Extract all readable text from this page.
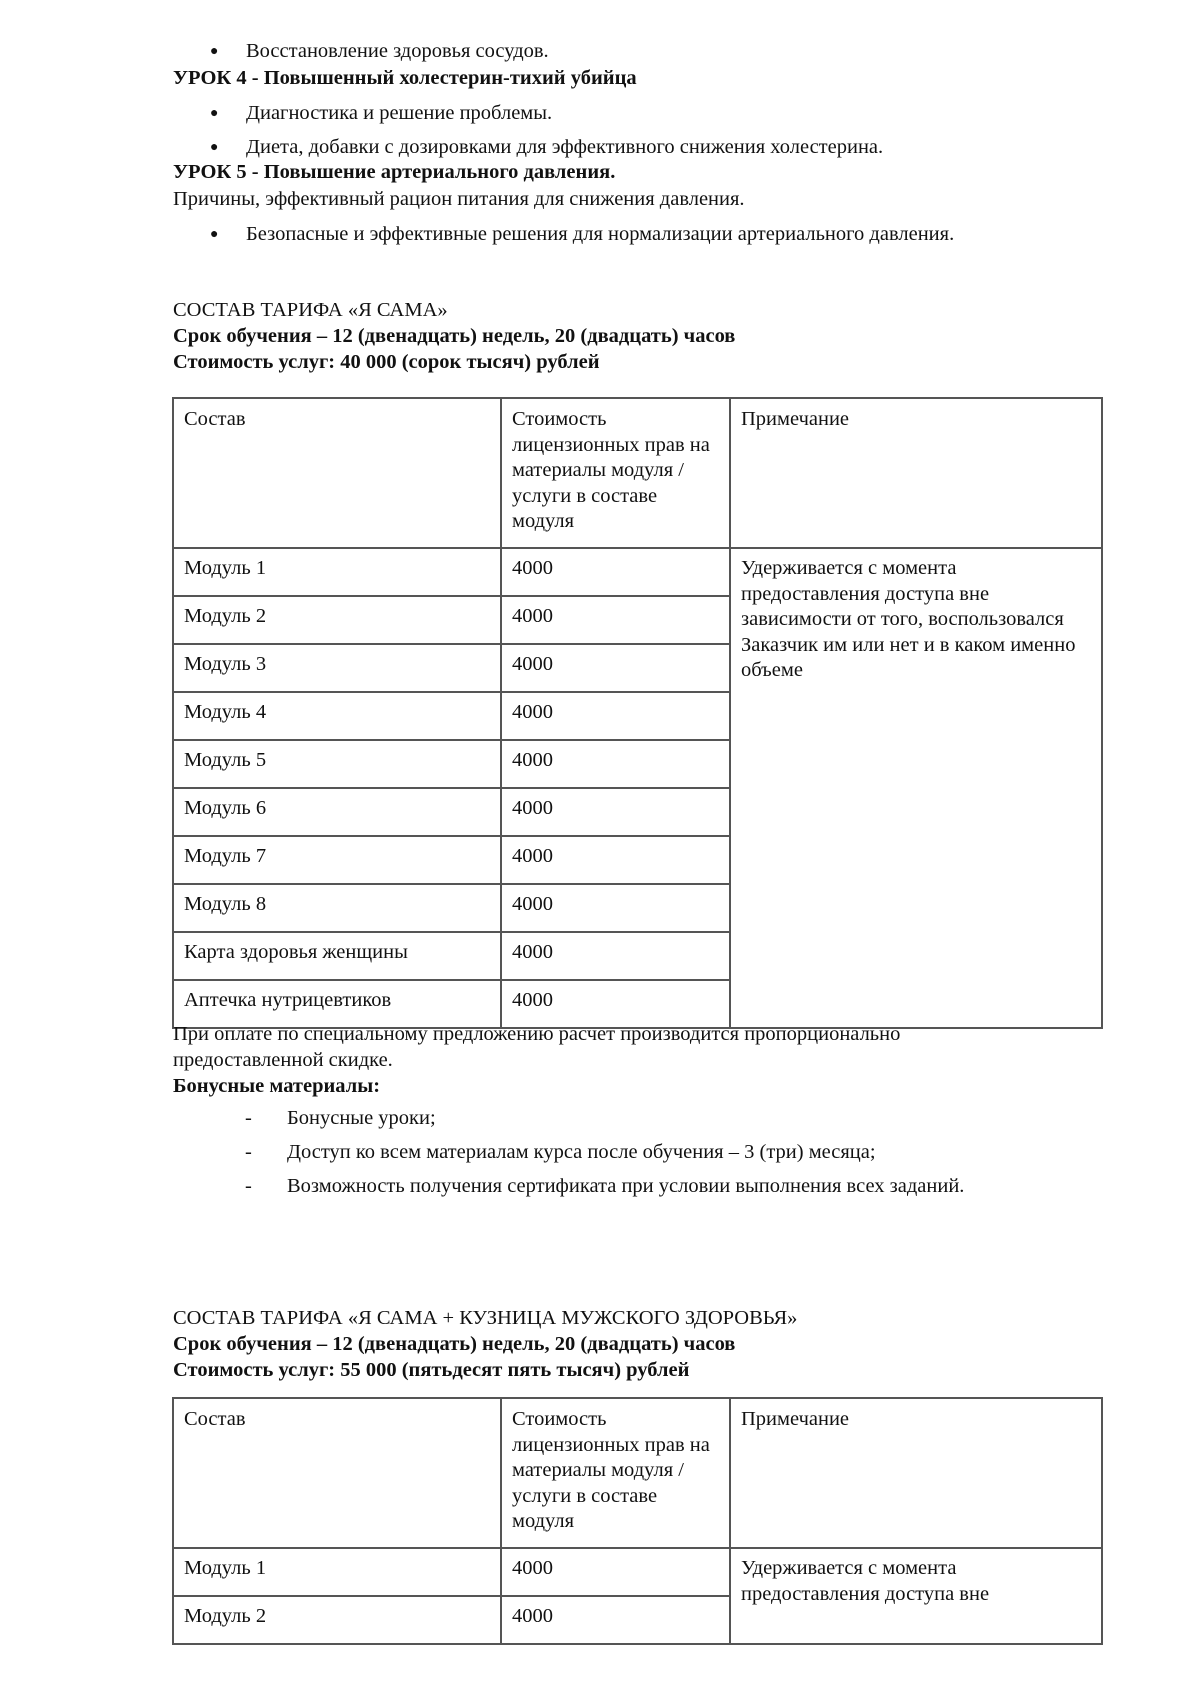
● Восстановление здоровья сосудов.
УРОК 4 - Повышенный холестерин-тихий убийца
● Диагностика и решение проблемы.
● Диета, добавки с дозировками для эффективного снижения холестерина.
УРОК 5 - Повышение артериального давления.
Причины, эффективный рацион питания для снижения давления.
● Безопасные и эффективные решения для нормализации артериального давления.
СОСТАВ ТАРИФА «Я САМА»
Срок обучения – 12 (двенадцать) недель, 20 (двадцать) часов
Стоимость услуг: 40 000 (сорок тысяч) рублей
Состав	Стоимость лицензионных прав на материалы модуля / услуги в составе модуля	Примечание
Модуль 1	4000	Удерживается с момента предоставления доступа вне зависимости от того, воспользовался Заказчик им или нет и в каком именно объеме
Модуль 2	4000	
Модуль 3	4000	
Модуль 4	4000	
Модуль 5	4000	
Модуль 6	4000	
Модуль 7	4000	
Модуль 8	4000	
Карта здоровья женщины	4000	
Аптечка нутрицевтиков	4000	
При оплате по специальному предложению расчет производится пропорционально
предоставленной скидке.
Бонусные материалы:
- Бонусные уроки;
- Доступ ко всем материалам курса после обучения – 3 (три) месяца;
- Возможность получения сертификата при условии выполнения всех заданий.
СОСТАВ ТАРИФА «Я САМА + КУЗНИЦА МУЖСКОГО ЗДОРОВЬЯ»
Срок обучения – 12 (двенадцать) недель, 20 (двадцать) часов
Стоимость услуг: 55 000 (пятьдесят пять тысяч) рублей
Состав	Стоимость лицензионных прав на материалы модуля / услуги в составе модуля	Примечание
Модуль 1	4000	Удерживается с момента предоставления доступа вне
Модуль 2	4000	
